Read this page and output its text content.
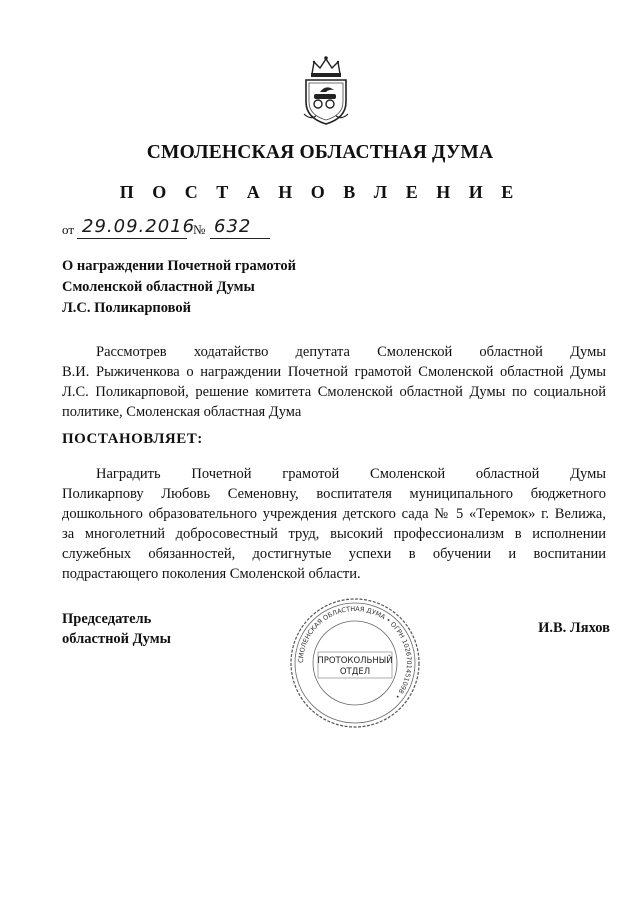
СМОЛЕНСКАЯ ОБЛАСТНАЯ ДУМА
П О С Т А Н О В Л Е Н И Е
от 29.09.2016
№ 632
О награждении Почетной грамотой
Смоленской областной Думы
Л.С. Поликарповой
Рассмотрев ходатайство депутата Смоленской областной Думы
В.И. Рыжиченкова о награждении Почетной грамотой Смоленской областной Думы
Л.С. Поликарповой, решение комитета Смоленской областной Думы по социальной
политике, Смоленская областная Дума
ПОСТАНОВЛЯЕТ:
Наградить Почетной грамотой Смоленской областной Думы
Поликарпову Любовь Семеновну, воспитателя муниципального бюджетного
дошкольного образовательного учреждения детского сада № 5 «Теремок» г. Велижа,
за многолетний добросовестный труд, высокий профессионализм в исполнении
служебных обязанностей, достигнутые успехи в обучении и воспитании
подрастающего поколения Смоленской области.
Председатель
областной Думы
И.В. Ляхов
СМОЛЕНСКАЯ ОБЛАСТНАЯ ДУМА • ОГРН 1026701451098 •
ПРОТОКОЛЬНЫЙ
ОТДЕЛ
